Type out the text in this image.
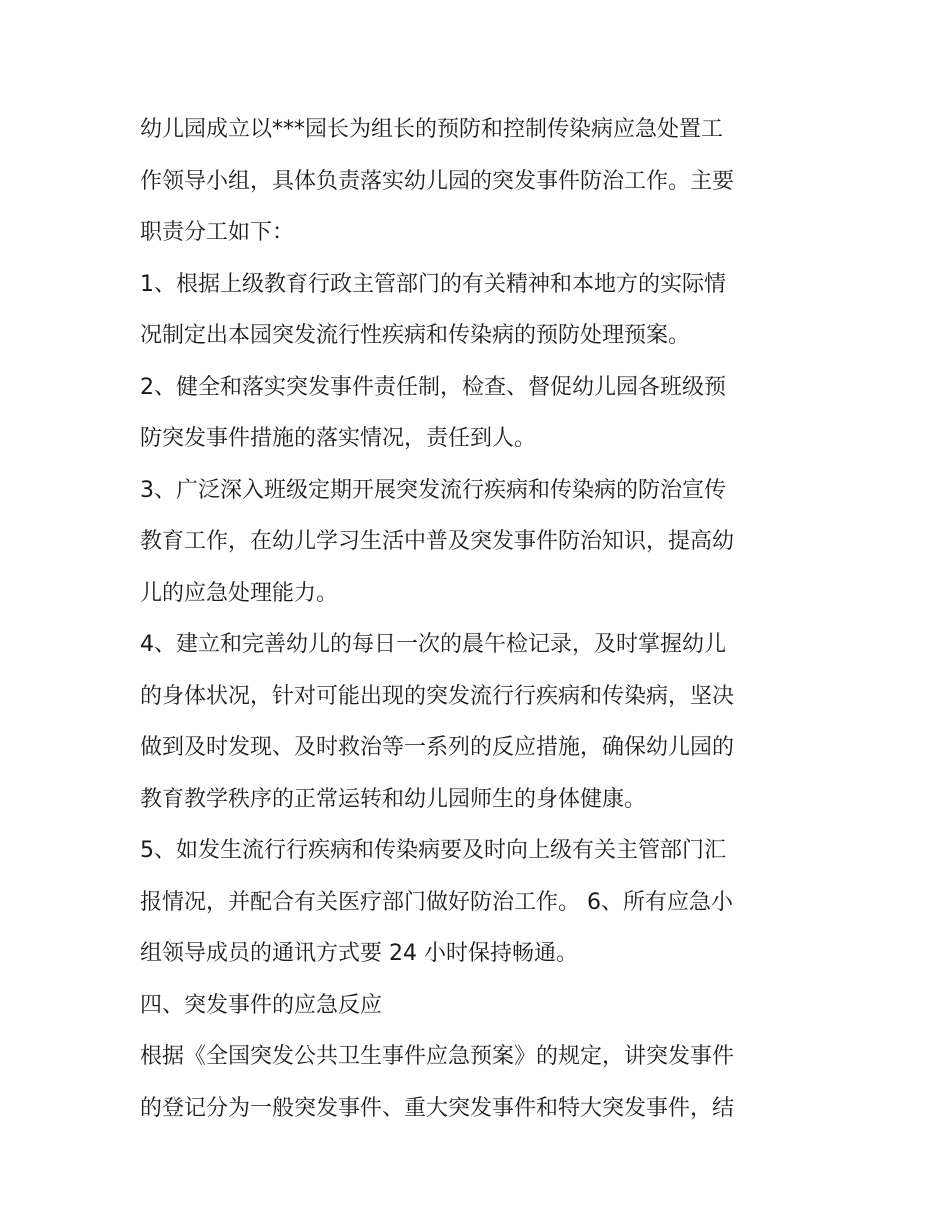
幼儿园成立以***园长为组长的预防和控制传染病应急处置工
作领导小组，具体负责落实幼儿园的突发事件防治工作。主要
职责分工如下：
1、根据上级教育行政主管部门的有关精神和本地方的实际情
况制定出本园突发流行性疾病和传染病的预防处理预案。
2、健全和落实突发事件责任制，检查、督促幼儿园各班级预
防突发事件措施的落实情况，责任到人。
3、广泛深入班级定期开展突发流行疾病和传染病的防治宣传
教育工作，在幼儿学习生活中普及突发事件防治知识，提高幼
儿的应急处理能力。
4、建立和完善幼儿的每日一次的晨午检记录，及时掌握幼儿
的身体状况，针对可能出现的突发流行行疾病和传染病，坚决
做到及时发现、及时救治等一系列的反应措施，确保幼儿园的
教育教学秩序的正常运转和幼儿园师生的身体健康。
5、如发生流行行疾病和传染病要及时向上级有关主管部门汇
报情况，并配合有关医疗部门做好防治工作。 6、所有应急小
组领导成员的通讯方式要 24 小时保持畅通。
四、突发事件的应急反应
根据《全国突发公共卫生事件应急预案》的规定，讲突发事件
的登记分为一般突发事件、重大突发事件和特大突发事件，结
